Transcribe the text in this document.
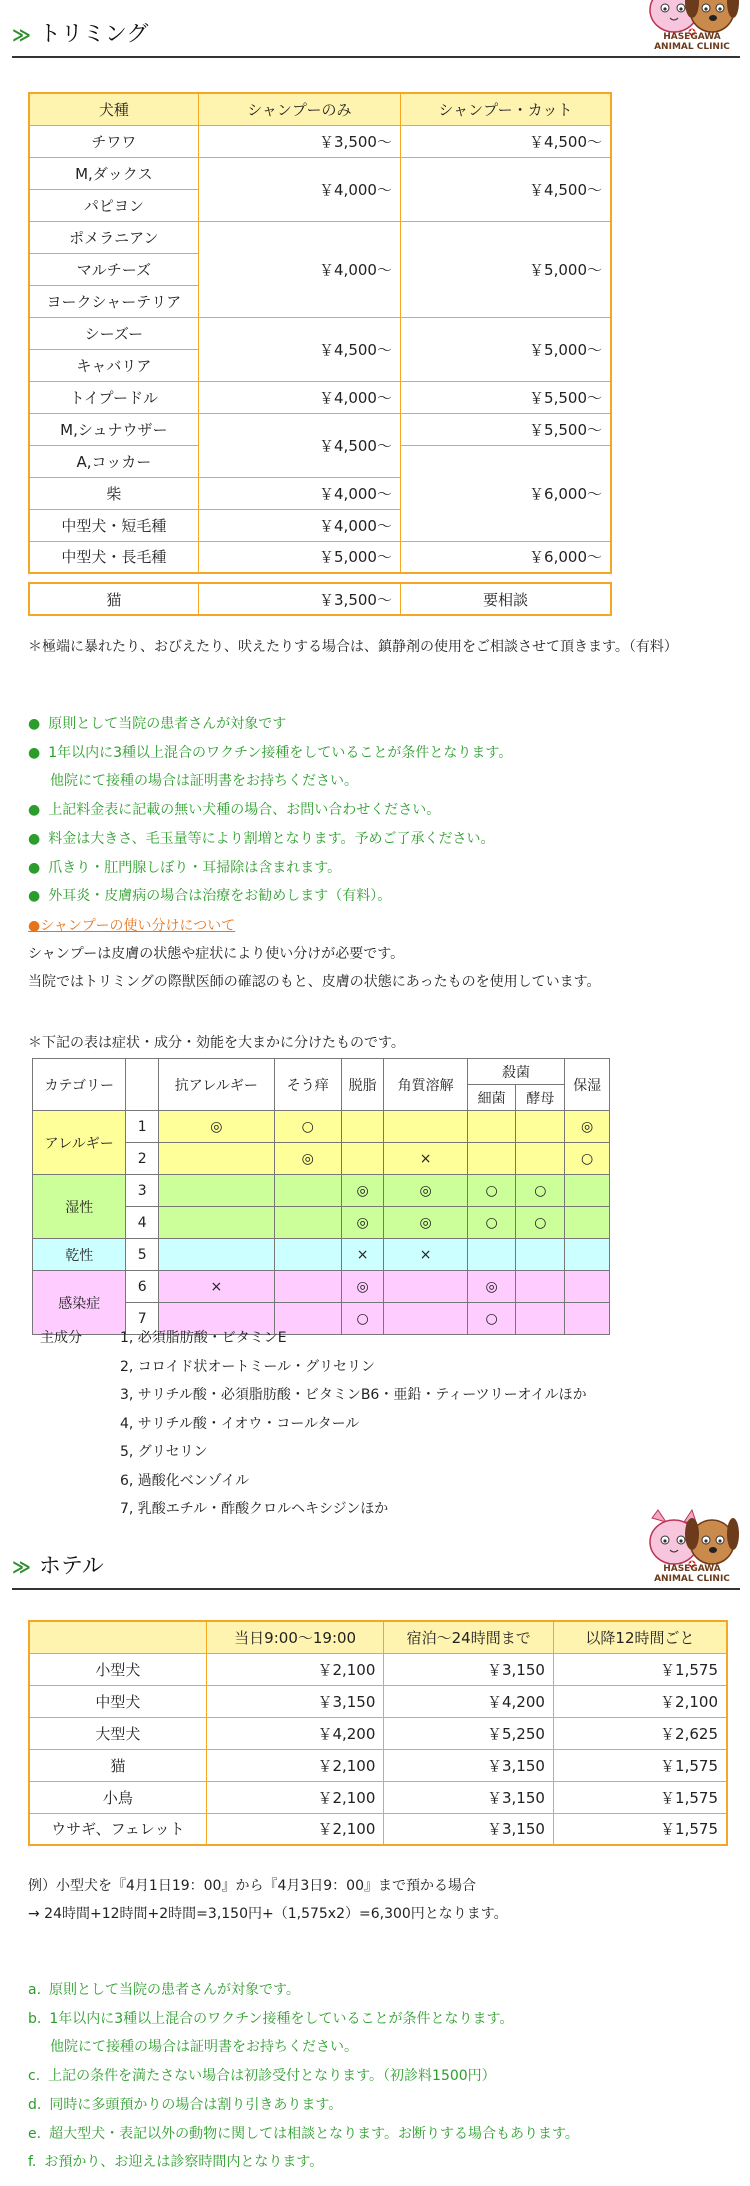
≫ トリミング	HASEGAWA ANIMAL CLINIC
犬種	シャンプーのみ	シャンプー・カット
チワワ	￥3,500～	￥4,500～
M,ダックス	￥4,000～	￥4,500～
パピヨン		
ポメラニアン	￥4,000～	￥5,000～
マルチーズ		
ヨークシャーテリア		
シーズー	￥4,500～	￥5,000～
キャバリア		
トイプードル	￥4,000～	￥5,500～
M,シュナウザー	￥4,500～	￥5,500～
A,コッカー		￥6,000～
柴	￥4,000～	
中型犬・短毛種	￥4,000～	
中型犬・長毛種	￥5,000～	￥6,000～
猫	￥3,500～	要相談
＊極端に暴れたり、おびえたり、吠えたりする場合は、鎮静剤の使用をご相談させて頂きます。（有料）
● 原則として当院の患者さんが対象です
● 1年以内に3種以上混合のワクチン接種をしていることが条件となります。
他院にて接種の場合は証明書をお持ちください。
● 上記料金表に記載の無い犬種の場合、お問い合わせください。
● 料金は大きさ、毛玉量等により割増となります。予めご了承ください。
● 爪きり・肛門腺しぼり・耳掃除は含まれます。
● 外耳炎・皮膚病の場合は治療をお勧めします（有料）。
●シャンプーの使い分けについて
シャンプーは皮膚の状態や症状により使い分けが必要です。
当院ではトリミングの際獣医師の確認のもと、皮膚の状態にあったものを使用しています。
＊下記の表は症状・成分・効能を大まかに分けたものです。
カテゴリー		抗アレルギー	そう痒	脱脂	角質溶解	殺菌		保湿
						細菌	酵母	
アレルギー	1	◎	○					◎
	2		◎		×			○
湿性	3			◎	◎	○	○	
	4			◎	◎	○	○	
乾性	5			×	×			
感染症	6	×		◎		◎		
	7			○		○		
主成分	1, 必須脂肪酸・ビタミンE
2, コロイド状オートミール・グリセリン
3, サリチル酸・必須脂肪酸・ビタミンB6・亜鉛・ティーツリーオイルほか
4, サリチル酸・イオウ・コールタール
5, グリセリン
6, 過酸化ベンゾイル
7, 乳酸エチル・酢酸クロルヘキシジンほか
≫ ホテル	HASEGAWA ANIMAL CLINIC
	当日9:00～19:00	宿泊～24時間まで	以降12時間ごと
小型犬	￥2,100	￥3,150	￥1,575
中型犬	￥3,150	￥4,200	￥2,100
大型犬	￥4,200	￥5,250	￥2,625
猫	￥2,100	￥3,150	￥1,575
小鳥	￥2,100	￥3,150	￥1,575
ウサギ、フェレット	￥2,100	￥3,150	￥1,575
例）小型犬を『4月1日19：00』から『4月3日9：00』まで預かる場合
→ 24時間+12時間+2時間=3,150円+（1,575x2）=6,300円となります。
a. 原則として当院の患者さんが対象です。
b. 1年以内に3種以上混合のワクチン接種をしていることが条件となります。
他院にて接種の場合は証明書をお持ちください。
c. 上記の条件を満たさない場合は初診受付となります。（初診料1500円）
d. 同時に多頭預かりの場合は割り引きあります。
e. 超大型犬・表記以外の動物に関しては相談となります。お断りする場合もあります。
f. お預かり、お迎えは診察時間内となります。
